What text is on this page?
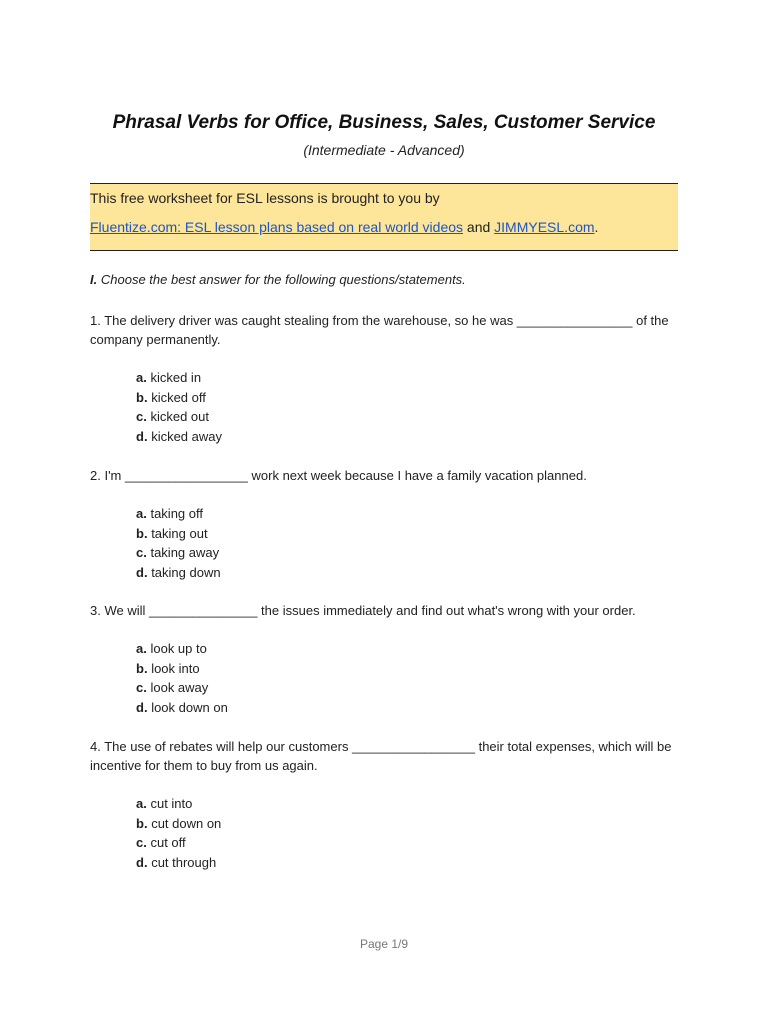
Phrasal Verbs for Office, Business, Sales, Customer Service
(Intermediate - Advanced)
This free worksheet for ESL lessons is brought to you by
Fluentize.com: ESL lesson plans based on real world videos and JIMMYESL.com.
I. Choose the best answer for the following questions/statements.
1. The delivery driver was caught stealing from the warehouse, so he was ________________ of the company permanently.
a. kicked in
b. kicked off
c. kicked out
d. kicked away
2. I'm _________________ work next week because I have a family vacation planned.
a. taking off
b. taking out
c. taking away
d. taking down
3. We will _______________ the issues immediately and find out what's wrong with your order.
a. look up to
b. look into
c. look away
d. look down on
4. The use of rebates will help our customers _________________ their total expenses, which will be incentive for them to buy from us again.
a. cut into
b. cut down on
c. cut off
d. cut through
Page 1/9
